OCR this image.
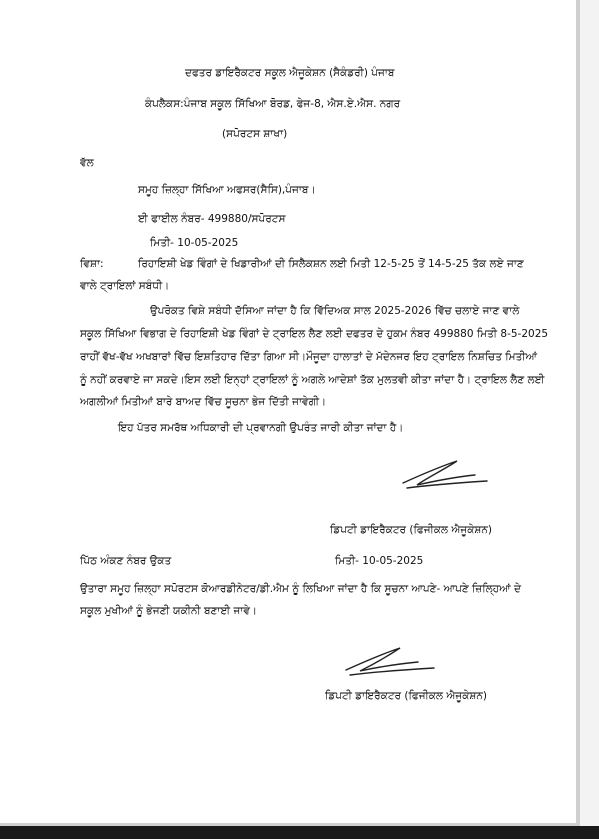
ਦਫਤਰ ਡਾਇਰੈਕਟਰ ਸਕੂਲ ਐਜੂਕੇਸ਼ਨ (ਸੈਕੰਡਰੀ) ਪੰਜਾਬ
ਕੰਪਲੈਕਸ:ਪੰਜਾਬ ਸਕੂਲ ਸਿੱਖਿਆ ਬੋਰਡ, ਫੇਜ-8, ਐਸ.ਏ.ਐਸ. ਨਗਰ
(ਸਪੋਰਟਸ ਸ਼ਾਖਾ)
ਵੱਲ
ਸਮੂਹ ਜ਼ਿਲ੍ਹਾ ਸਿੱਖਿਆ ਅਫਸਰ(ਸੈਸਿ),ਪੰਜਾਬ।
ਈ ਫਾਈਲ ਨੰਬਰ- 499880/ਸਪੋਰਟਸ
ਮਿਤੀ- 10-05-2025
ਵਿਸ਼ਾ:	ਰਿਹਾਇਸ਼ੀ ਖੇਡ ਵਿੰਗਾਂ ਦੇ ਖਿਡਾਰੀਆਂ ਦੀ ਸਿਲੈਕਸ਼ਨ ਲਈ ਮਿਤੀ 12-5-25 ਤੋਂ 14-5-25 ਤੱਕ ਲਏ ਜਾਣ
ਵਾਲੇ ਟ੍ਰਾਇਲਾਂ ਸਬੰਧੀ।
ਉਪਰੋਕਤ ਵਿਸ਼ੇ ਸਬੰਧੀ ਦੱਸਿਆ ਜਾਂਦਾ ਹੈ ਕਿ ਵਿੱਦਿਅਕ ਸਾਲ 2025-2026 ਵਿੱਚ ਚਲਾਏ ਜਾਣ ਵਾਲੇ
ਸਕੂਲ ਸਿੱਖਿਆ ਵਿਭਾਗ ਦੇ ਰਿਹਾਇਸ਼ੀ ਖੇਡ ਵਿੰਗਾਂ ਦੇ ਟ੍ਰਾਇਲ ਲੈਣ ਲਈ ਦਫਤਰ ਦੇ ਹੁਕਮ ਨੰਬਰ 499880 ਮਿਤੀ 8-5-2025
ਰਾਹੀਂ ਵੱਖ-ਵੱਖ ਅਖਬਾਰਾਂ ਵਿੱਚ ਇਸ਼ਤਿਹਾਰ ਦਿੱਤਾ ਗਿਆ ਸੀ।ਮੌਜੂਦਾ ਹਾਲਾਤਾਂ ਦੇ ਮੱਦੇਨਜਰ ਇਹ ਟ੍ਰਾਇਲ ਨਿਸ਼ਚਿਤ ਮਿਤੀਆਂ
ਨੂੰ ਨਹੀਂ ਕਰਵਾਏ ਜਾ ਸਕਦੇ।ਇਸ ਲਈ ਇਨ੍ਹਾਂ ਟ੍ਰਾਇਲਾਂ ਨੂੰ ਅਗਲੇ ਆਦੇਸ਼ਾਂ ਤੱਕ ਮੁਲਤਵੀ ਕੀਤਾ ਜਾਂਦਾ ਹੈ। ਟ੍ਰਾਇਲ ਲੈਣ ਲਈ
ਅਗਲੀਆਂ ਮਿਤੀਆਂ ਬਾਰੇ ਬਾਅਦ ਵਿੱਚ ਸੂਚਨਾ ਭੇਜ ਦਿੱਤੀ ਜਾਵੇਗੀ।
ਇਹ ਪੱਤਰ ਸਮਰੱਥ ਅਧਿਕਾਰੀ ਦੀ ਪ੍ਰਵਾਨਗੀ ਉਪਰੰਤ ਜਾਰੀ ਕੀਤਾ ਜਾਂਦਾ ਹੈ।
ਡਿਪਟੀ ਡਾਇਰੈਕਟਰ (ਫਿਜੀਕਲ ਐਜੂਕੇਸ਼ਨ)
ਪਿੱਠ ਅੰਕਣ ਨੰਬਰ ਉਕਤ	ਮਿਤੀ- 10-05-2025
ਉਤਾਰਾ ਸਮੂਹ ਜ਼ਿਲ੍ਹਾ ਸਪੋਰਟਸ ਕੋਆਰਡੀਨੇਟਰ/ਡੀ.ਐਮ ਨੂੰ ਲਿਖਿਆ ਜਾਂਦਾ ਹੈ ਕਿ ਸੂਚਨਾ ਆਪਣੇ- ਆਪਣੇ ਜ਼ਿਲ੍ਹਿਆਂ ਦੇ
ਸਕੂਲ ਮੁਖੀਆਂ ਨੂੰ ਭੇਜਣੀ ਯਕੀਨੀ ਬਣਾਈ ਜਾਵੇ।
ਡਿਪਟੀ ਡਾਇਰੈਕਟਰ (ਫਿਜੀਕਲ ਐਜੂਕੇਸ਼ਨ)
